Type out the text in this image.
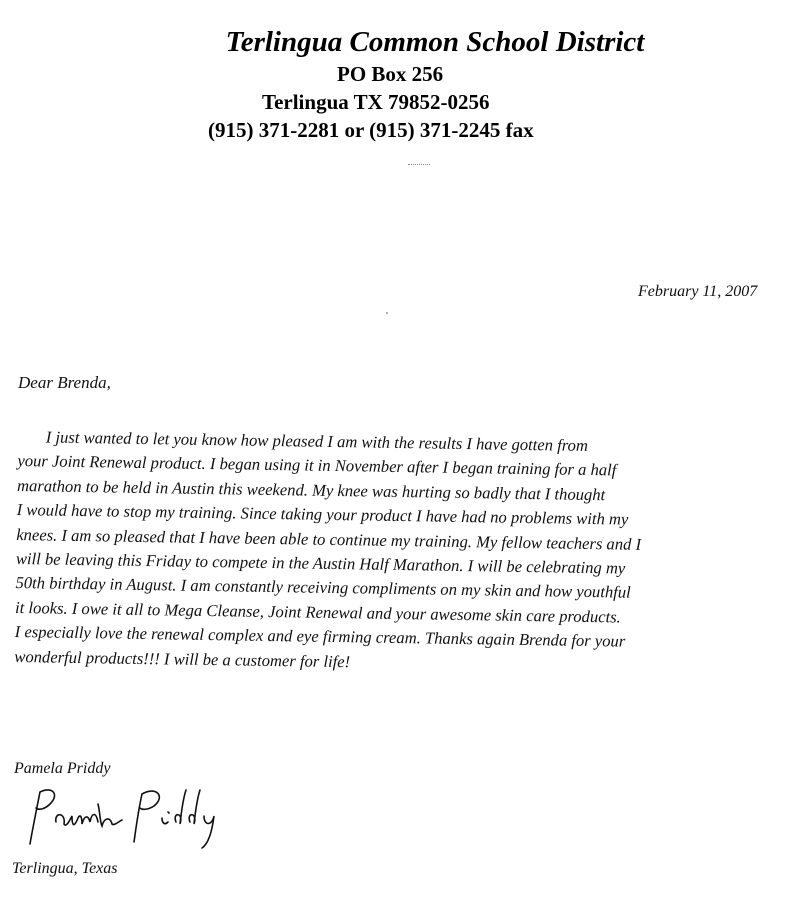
Terlingua Common School District
PO Box 256
Terlingua TX 79852-0256
(915) 371-2281 or (915) 371-2245 fax
February 11, 2007
Dear Brenda,
I just wanted to let you know how pleased I am with the results I have gotten from
your Joint Renewal product. I began using it in November after I began training for a half
marathon to be held in Austin this weekend. My knee was hurting so badly that I thought
I would have to stop my training. Since taking your product I have had no problems with my
knees. I am so pleased that I have been able to continue my training. My fellow teachers and I
will be leaving this Friday to compete in the Austin Half Marathon. I will be celebrating my
50th birthday in August. I am constantly receiving compliments on my skin and how youthful
it looks. I owe it all to Mega Cleanse, Joint Renewal and your awesome skin care products.
I especially love the renewal complex and eye firming cream. Thanks again Brenda for your
wonderful products!!! I will be a customer for life!
Pamela Priddy
Terlingua, Texas
